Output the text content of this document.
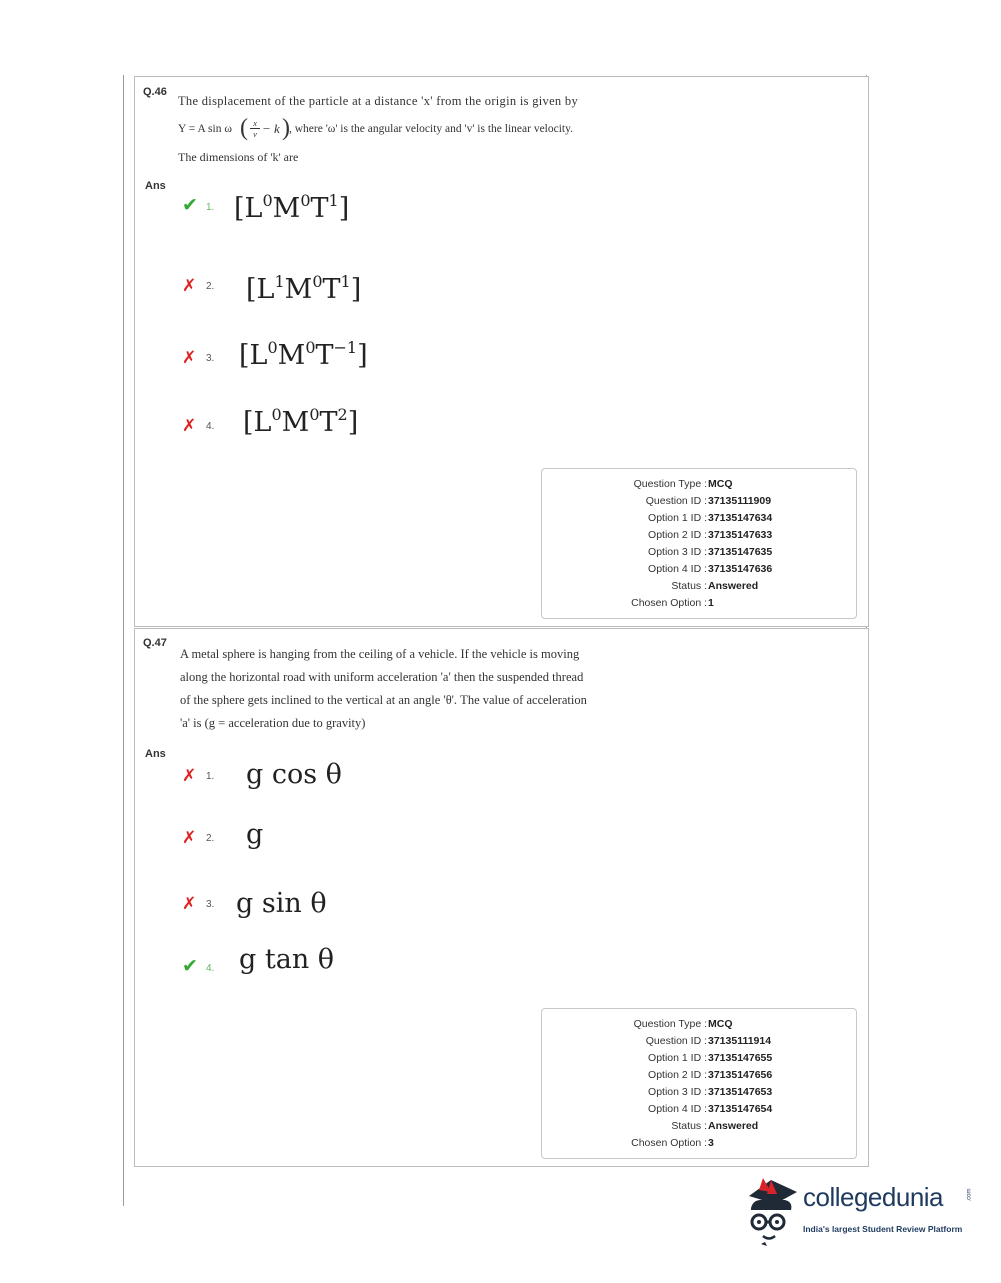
Q.46
The displacement of the particle at a distance 'x' from the origin is given by
Y = A sin ω ( $\frac{x}{v} - k$ ) , where 'ω' is the angular velocity and 'v' is the linear velocity.
The dimensions of 'k' are
Ans
✔ 1. $[L^0M^0T^1]$
✗ 2. $[L^1M^0T^1]$
✗ 3. $[L^0M^0T^{-1}]$
✗ 4. $[L^0M^0T^2]$
Question Type : MCQ
Question ID : 37135111909
Option 1 ID : 37135147634
Option 2 ID : 37135147633
Option 3 ID : 37135147635
Option 4 ID : 37135147636
Status : Answered
Chosen Option : 1
Q.47
A metal sphere is hanging from the ceiling of a vehicle. If the vehicle is moving
along the horizontal road with uniform acceleration 'a' then the suspended thread
of the sphere gets inclined to the vertical at an angle 'θ'. The value of acceleration
'a' is (g = acceleration due to gravity)
Ans
✗ 1. g cos θ
✗ 2. g
✗ 3. g sin θ
✔ 4. g tan θ
Question Type : MCQ
Question ID : 37135111914
Option 1 ID : 37135147655
Option 2 ID : 37135147656
Option 3 ID : 37135147653
Option 4 ID : 37135147654
Status : Answered
Chosen Option : 3
collegedunia	.com
India's largest Student Review Platform
